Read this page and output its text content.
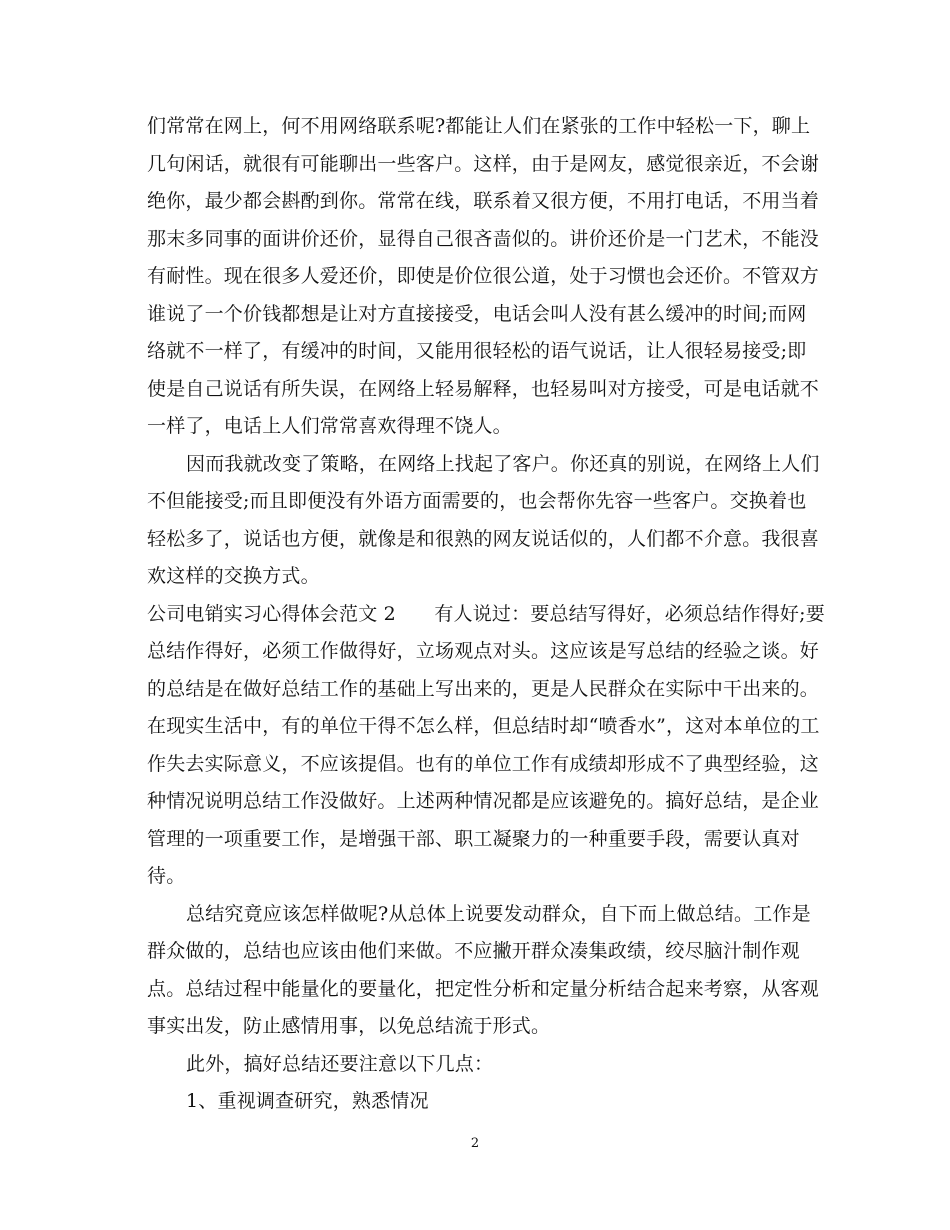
们常常在网上，何不用网络联系呢?都能让人们在紧张的工作中轻松一下，聊上
几句闲话，就很有可能聊出一些客户。这样，由于是网友，感觉很亲近，不会谢
绝你，最少都会斟酌到你。常常在线，联系着又很方便，不用打电话，不用当着
那末多同事的面讲价还价，显得自己很吝啬似的。讲价还价是一门艺术，不能没
有耐性。现在很多人爱还价，即使是价位很公道，处于习惯也会还价。不管双方
谁说了一个价钱都想是让对方直接接受，电话会叫人没有甚么缓冲的时间;而网
络就不一样了，有缓冲的时间，又能用很轻松的语气说话，让人很轻易接受;即
使是自己说话有所失误，在网络上轻易解释，也轻易叫对方接受，可是电话就不
一样了，电话上人们常常喜欢得理不饶人。
因而我就改变了策略，在网络上找起了客户。你还真的别说，在网络上人们
不但能接受;而且即便没有外语方面需要的，也会帮你先容一些客户。交换着也
轻松多了，说话也方便，就像是和很熟的网友说话似的，人们都不介意。我很喜
欢这样的交换方式。
公司电销实习心得体会范文 2　　有人说过：要总结写得好，必须总结作得好;要
总结作得好，必须工作做得好，立场观点对头。这应该是写总结的经验之谈。好
的总结是在做好总结工作的基础上写出来的，更是人民群众在实际中干出来的。
在现实生活中，有的单位干得不怎么样，但总结时却“喷香水”，这对本单位的工
作失去实际意义，不应该提倡。也有的单位工作有成绩却形成不了典型经验，这
种情况说明总结工作没做好。上述两种情况都是应该避免的。搞好总结，是企业
管理的一项重要工作，是增强干部、职工凝聚力的一种重要手段，需要认真对
待。
总结究竟应该怎样做呢?从总体上说要发动群众，自下而上做总结。工作是
群众做的，总结也应该由他们来做。不应撇开群众凑集政绩，绞尽脑汁制作观
点。总结过程中能量化的要量化，把定性分析和定量分析结合起来考察，从客观
事实出发，防止感情用事，以免总结流于形式。
此外，搞好总结还要注意以下几点：
1、重视调查研究，熟悉情况
2
